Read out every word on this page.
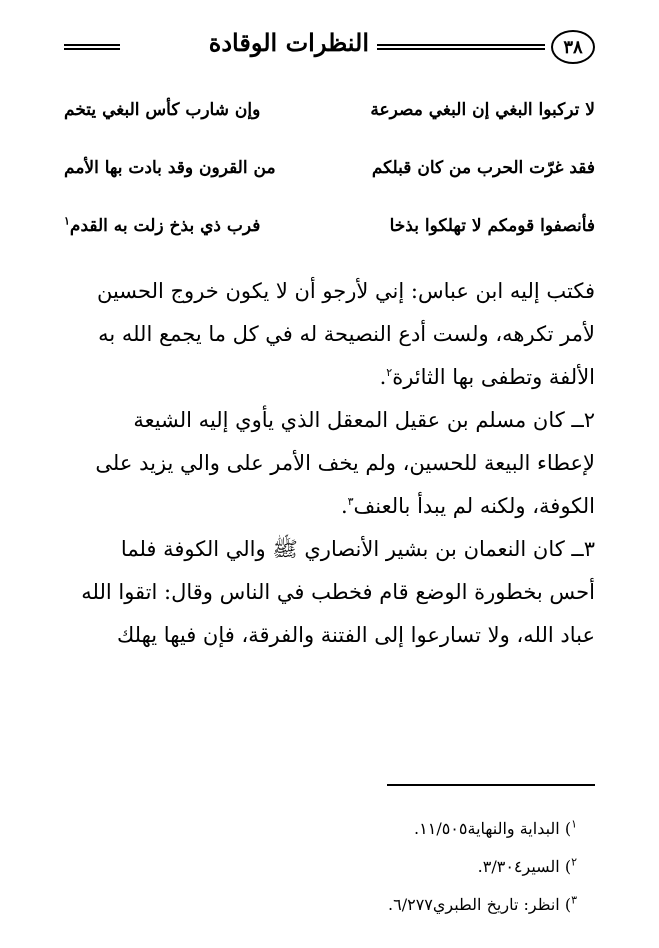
٣٨
النظرات الوقادة
لا تركبوا البغي إن البغي مصرعة
وإن شارب كأس البغي يتخم
فقد غرّت الحرب من كان قبلكم
من القرون وقد بادت بها الأمم
فأنصفوا قومكم لا تهلكوا بذخا
فرب ذي بذخ زلت به القدم$^١$

فكتب إليه ابن عباس: إني لأرجو أن لا يكون خروج الحسين

لأمر تكرهه، ولست أدع النصيحة له في كل ما يجمع الله به

الألفة وتطفى بها الثائرة$^٢$.

٢ــ كان مسلم بن عقيل المعقل الذي يأوي إليه الشيعة

لإعطاء البيعة للحسين، ولم يخف الأمر على والي يزيد على

الكوفة، ولكنه لم يبدأ بالعنف$^٣$.

٣ــ كان النعمان بن بشير الأنصاري ﷺ والي الكوفة فلما

أحس بخطورة الوضع قام فخطب في الناس وقال: اتقوا الله

عباد الله، ولا تسارعوا إلى الفتنة والفرقة، فإن فيها يهلك

$^١$) البداية والنهاية١١/٥٠٥.
$^٢$) السير٣/٣٠٤.
$^٣$) انظر: تاريخ الطبري٦/٢٧٧.
